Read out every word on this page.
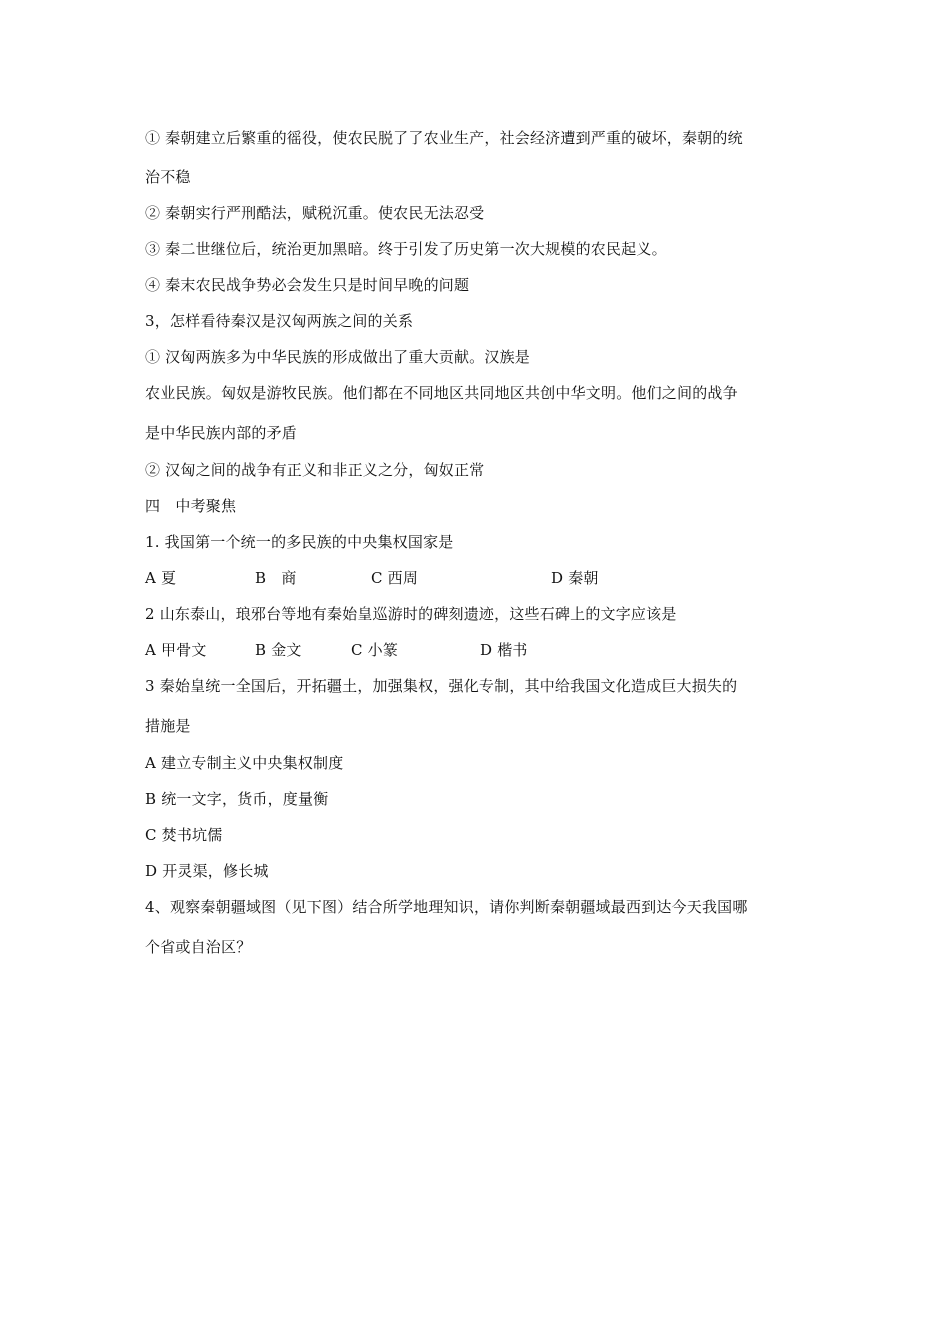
① 秦朝建立后繁重的徭役，使农民脱了了农业生产，社会经济遭到严重的破坏，秦朝的统
治不稳
② 秦朝实行严刑酷法，赋税沉重。使农民无法忍受
③ 秦二世继位后，统治更加黑暗。终于引发了历史第一次大规模的农民起义。
④ 秦末农民战争势必会发生只是时间早晚的问题
3，怎样看待秦汉是汉匈两族之间的关系
① 汉匈两族多为中华民族的形成做出了重大贡献。汉族是
农业民族。匈奴是游牧民族。他们都在不同地区共同地区共创中华文明。他们之间的战争
是中华民族内部的矛盾
② 汉匈之间的战争有正义和非正义之分，匈奴正常
四　中考聚焦
1. 我国第一个统一的多民族的中央集权国家是
A 夏	B　商	C 西周	D 秦朝
2 山东泰山，琅邪台等地有秦始皇巡游时的碑刻遗迹，这些石碑上的文字应该是
A 甲骨文	B 金文	C 小篆	D 楷书
3 秦始皇统一全国后，开拓疆土，加强集权，强化专制，其中给我国文化造成巨大损失的
措施是
A 建立专制主义中央集权制度
B 统一文字，货币，度量衡
C 焚书坑儒
D 开灵渠，修长城
4、观察秦朝疆域图（见下图）结合所学地理知识，请你判断秦朝疆域最西到达今天我国哪
个省或自治区？
